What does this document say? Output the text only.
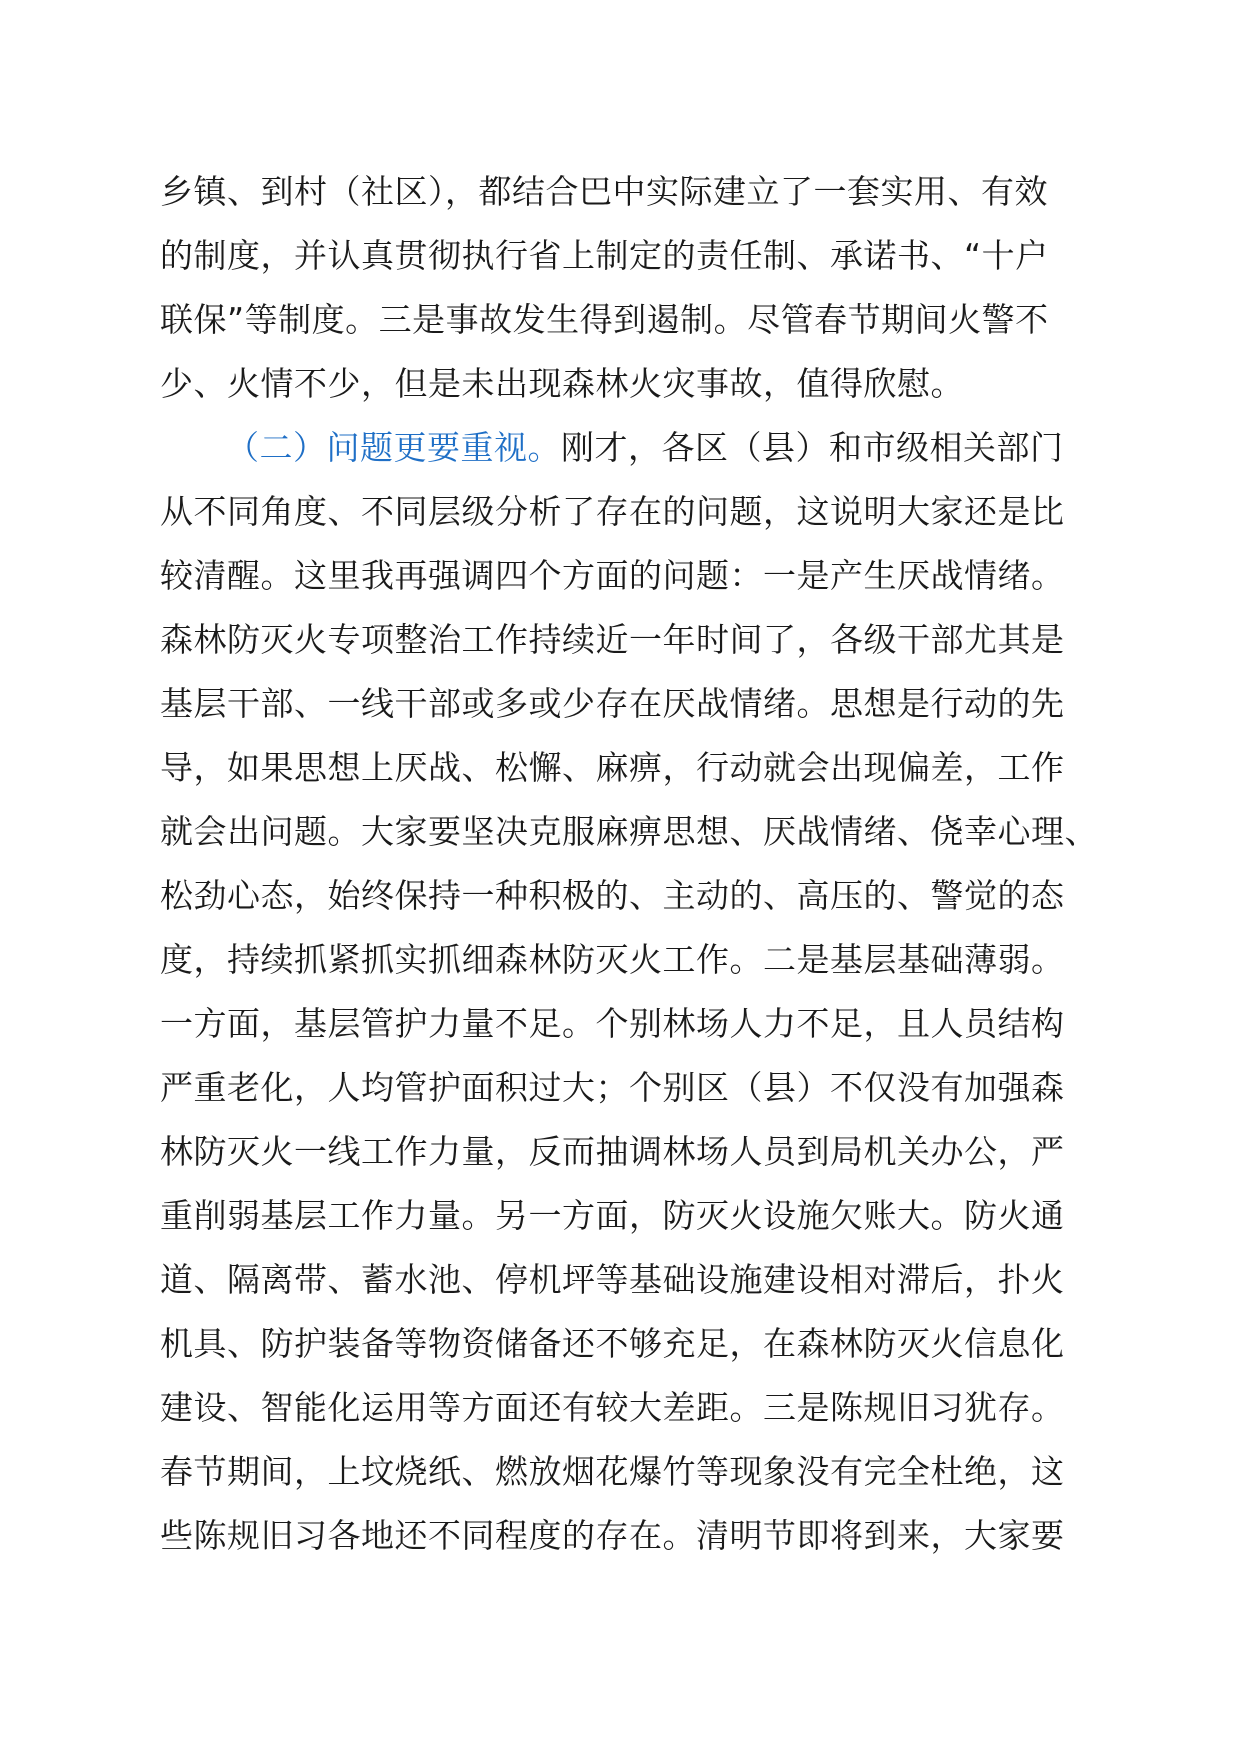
乡镇、到村（社区），都结合巴中实际建立了一套实用、有效
的制度，并认真贯彻执行省上制定的责任制、承诺书、“十户
联保”等制度。三是事故发生得到遏制。尽管春节期间火警不
少、火情不少，但是未出现森林火灾事故，值得欣慰。
（二）问题更要重视。刚才，各区（县）和市级相关部门
从不同角度、不同层级分析了存在的问题，这说明大家还是比
较清醒。这里我再强调四个方面的问题：一是产生厌战情绪。
森林防灭火专项整治工作持续近一年时间了，各级干部尤其是
基层干部、一线干部或多或少存在厌战情绪。思想是行动的先
导，如果思想上厌战、松懈、麻痹，行动就会出现偏差，工作
就会出问题。大家要坚决克服麻痹思想、厌战情绪、侥幸心理、
松劲心态，始终保持一种积极的、主动的、高压的、警觉的态
度，持续抓紧抓实抓细森林防灭火工作。二是基层基础薄弱。
一方面，基层管护力量不足。个别林场人力不足，且人员结构
严重老化，人均管护面积过大；个别区（县）不仅没有加强森
林防灭火一线工作力量，反而抽调林场人员到局机关办公，严
重削弱基层工作力量。另一方面，防灭火设施欠账大。防火通
道、隔离带、蓄水池、停机坪等基础设施建设相对滞后，扑火
机具、防护装备等物资储备还不够充足，在森林防灭火信息化
建设、智能化运用等方面还有较大差距。三是陈规旧习犹存。
春节期间，上坟烧纸、燃放烟花爆竹等现象没有完全杜绝，这
些陈规旧习各地还不同程度的存在。清明节即将到来，大家要
